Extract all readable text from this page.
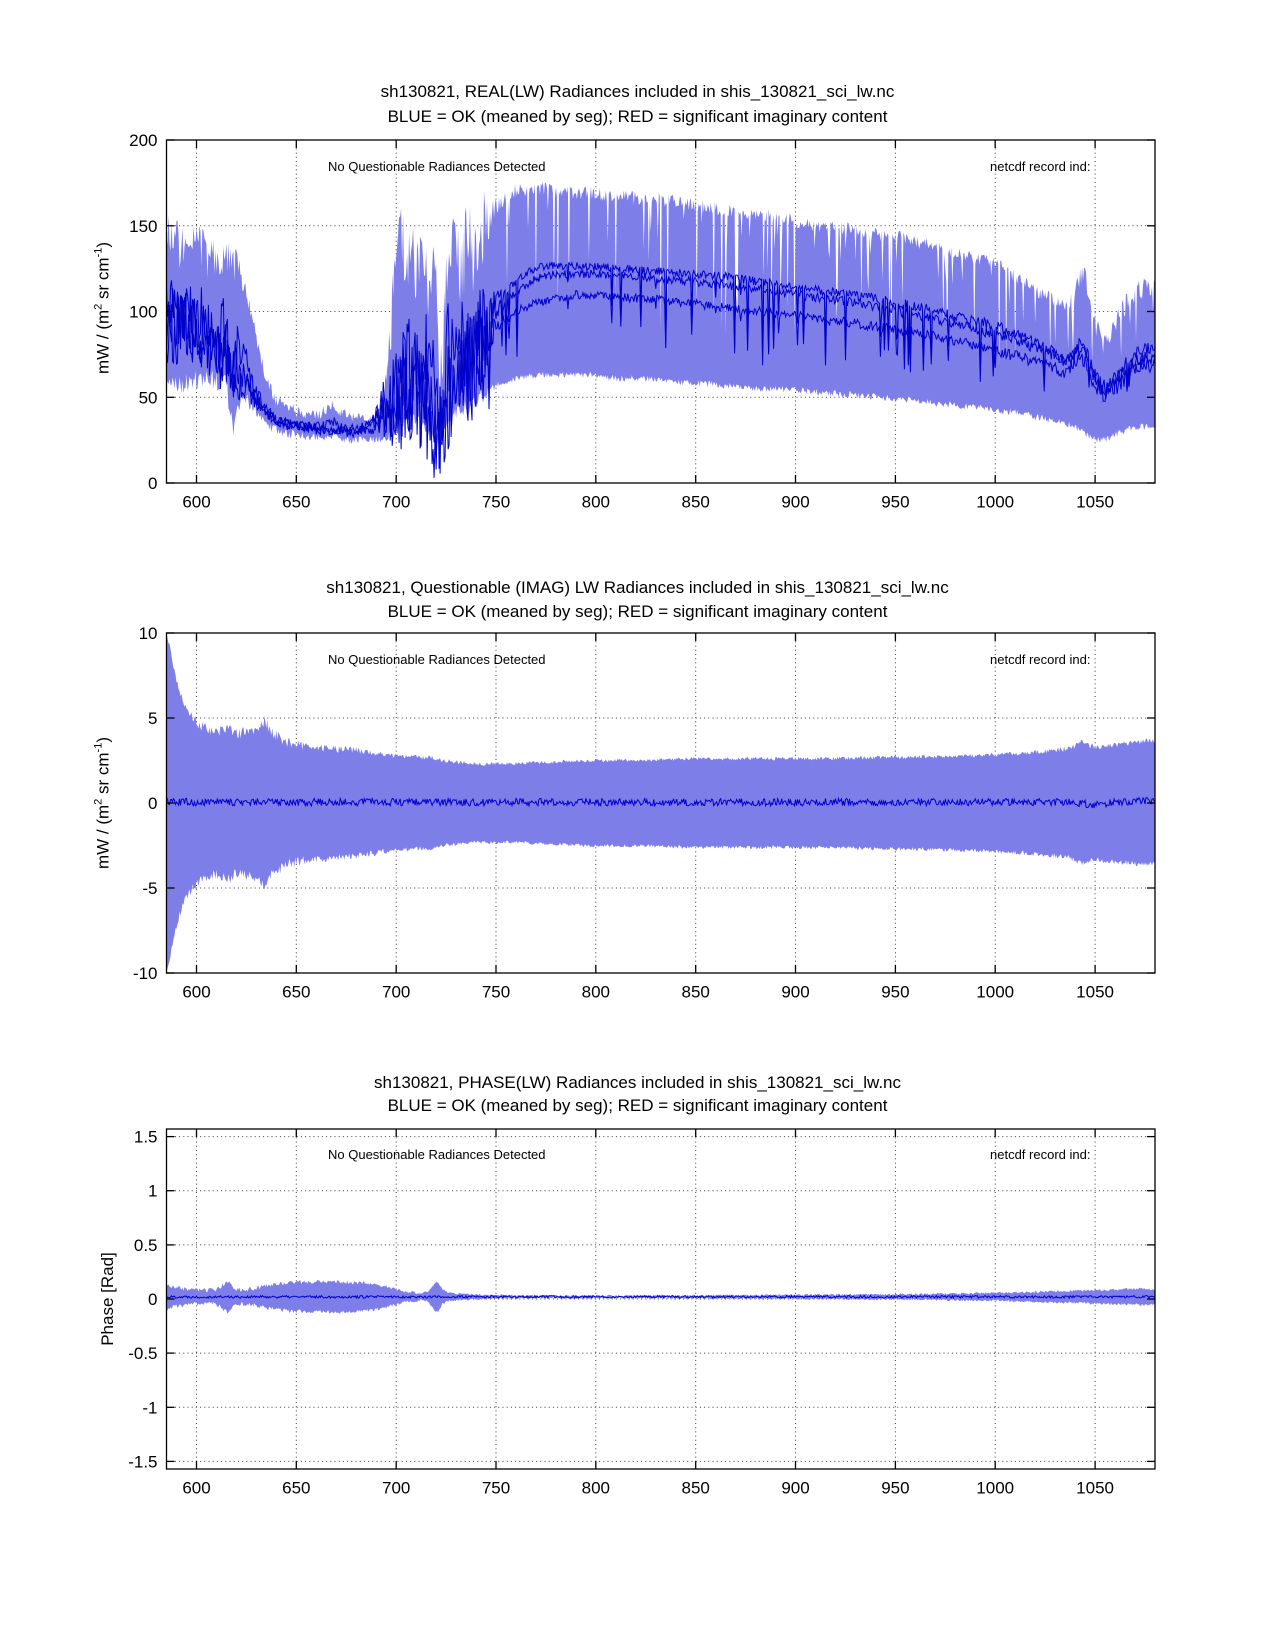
600	650	700	750	800	850	900	950	1000	1050
0
50
100
150
200
600	650	700	750	800	850	900	950	1000	1050
-10
-5
0
5
10
600	650	700	750	800	850	900	950	1000	1050
-1.5
-1
-0.5
0
0.5
1
1.5
sh130821, REAL(LW) Radiances included in shis_130821_sci_lw.nc
BLUE = OK (meaned by seg); RED = significant imaginary content
No Questionable Radiances Detected	netcdf record ind:
mW / ($m^2$ sr $cm^{-1}$)
sh130821, Questionable (IMAG) LW Radiances included in shis_130821_sci_lw.nc
BLUE = OK (meaned by seg); RED = significant imaginary content
No Questionable Radiances Detected	netcdf record ind:
mW / ($m^2$ sr $cm^{-1}$)
sh130821, PHASE(LW) Radiances included in shis_130821_sci_lw.nc
BLUE = OK (meaned by seg); RED = significant imaginary content
No Questionable Radiances Detected	netcdf record ind:
Phase [Rad]
